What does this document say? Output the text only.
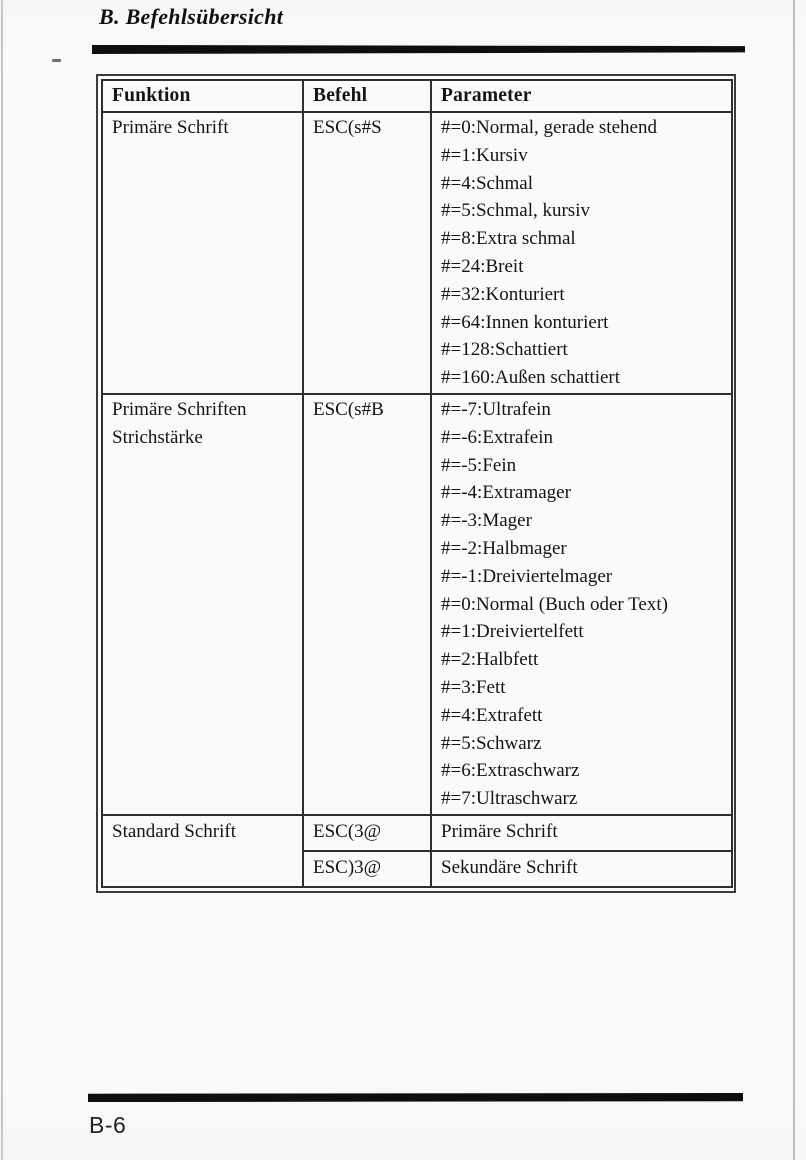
B. Befehlsübersicht
Funktion	Befehl	Parameter
Primäre Schrift	ESC(s#S	#=0:Normal, gerade stehend
#=1:Kursiv
#=4:Schmal
#=5:Schmal, kursiv
#=8:Extra schmal
#=24:Breit
#=32:Konturiert
#=64:Innen konturiert
#=128:Schattiert
#=160:Außen schattiert

Primäre Schriften Strichstärke	ESC(s#B	#=-7:Ultrafein
#=-6:Extrafein
#=-5:Fein
#=-4:Extramager
#=-3:Mager
#=-2:Halbmager
#=-1:Dreiviertelmager
#=0:Normal (Buch oder Text)
#=1:Dreiviertelfett
#=2:Halbfett
#=3:Fett
#=4:Extrafett
#=5:Schwarz
#=6:Extraschwarz
#=7:Ultraschwarz

Standard Schrift	ESC(3@	Primäre Schrift
	ESC)3@	Sekundäre Schrift
B-6
